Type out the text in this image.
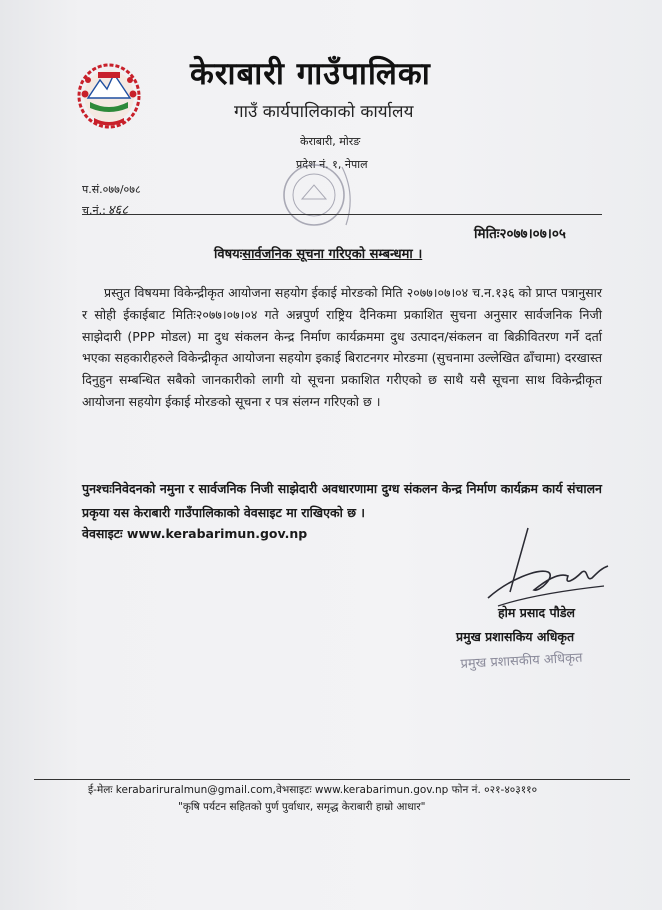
केराबारी गाउँपालिका
गाउँ कार्यपालिकाको कार्यालय
केराबारी, मोरङ
प्रदेश नं. १, नेपाल
प.सं.०७७/०७८
च.नं.: ४६८
मितिः२०७७।०७।०५
विषयःसार्वजनिक सूचना गरिएको सम्बन्धमा ।

प्रस्तुत विषयमा विकेन्द्रीकृत आयोजना सहयोग ईकाई मोरङको मिति २०७७।०७।०४ च.न.१३६ को प्राप्त पत्रानुसार र सोही ईकाईबाट मितिः२०७७।०७।०४ गते अन्नपुर्ण राष्ट्रिय दैनिकमा प्रकाशित सुचना अनुसार सार्वजनिक निजी साझेदारी (PPP मोडल) मा दुध संकलन केन्द्र निर्माण कार्यक्रममा दुध उत्पादन/संकलन वा बिक्रीवितरण गर्ने दर्ता भएका सहकारीहरुले विकेन्द्रीकृत आयोजना सहयोग इकाई बिराटनगर मोरङमा (सुचनामा उल्लेखित ढाँचामा) दरखास्त दिनुहुन सम्बन्धित सबैको जानकारीको लागी यो सूचना प्रकाशित गरीएको छ साथै यसै सूचना साथ विकेन्द्रीकृत आयोजना सहयोग ईकाई मोरङको सूचना र पत्र संलग्न गरिएको छ ।

पुनश्चःनिवेदनको नमुना र सार्वजनिक निजी साझेदारी अवधारणामा दुग्ध संकलन केन्द्र निर्माण कार्यक्रम कार्य संचालन प्रकृया यस केराबारी गाउँपालिकाको वेवसाइट मा राखिएको छ ।
वेवसाइटः www.kerabarimun.gov.np
होम प्रसाद पौडेल
प्रमुख प्रशासकिय अधिकृत
प्रमुख प्रशासकीय अधिकृत
ई-मेलः kerabariruralmun@gmail.com,वेभसाइटः www.kerabarimun.gov.np फोन नं. ०२१-४०३११०
"कृषि पर्यटन सहितको पुर्ण पुर्वाधार, समृद्ध केराबारी हाम्रो आधार"
